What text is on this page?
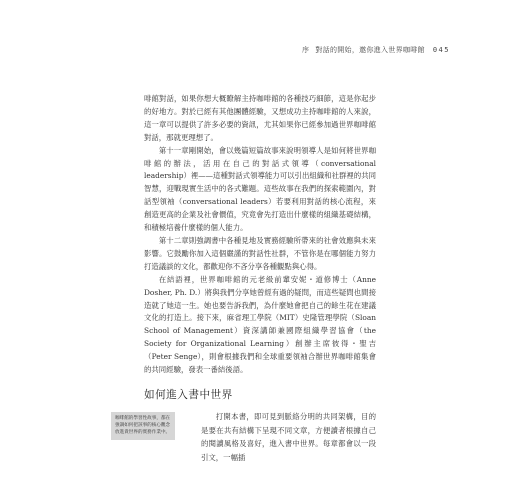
序 對話的開始，邀你進入世界咖啡館 045

啡館對話，如果你想大概瞭解主持咖啡館的各種技巧細節，這是你起步的好地方。對於已經有其他團體經驗，又想成功主持咖啡館的人來說，這一章可以提供了許多必要的資訊，尤其如果你已經參加過世界咖啡館對話，那就更理想了。

第十一章剛開始，會以幾篇短篇故事來說明領導人是如何將世界咖啡館的辦法，活用在自己的對話式領導（conversational leadership）裡——這種對話式領導能力可以引出組織和社群裡的共同智慧，迎戰現實生活中的各式難題。這些故事在我們的探索範圍內，對話型領袖（conversational leaders）若要利用對話的核心流程，來創造更高的企業及社會價值，究竟會先打造出什麼樣的組織基礎結構，和積極培養什麼樣的個人能力。

第十二章則強調書中各種見地及實務經驗所帶來的社會效應與未來影響。它鼓勵你加入這個嚴謹的對話性社群，不管你是在哪個能力努力打造議談的文化，都歡迎你不吝分享各種觀點與心得。

在結語裡，世界咖啡館的元老級前輩安妮・道修博士（Anne Dosher, Ph. D.）將與我們分享她曾經有過的疑問，而這些疑問也間接造就了她這一生。她也要告訴我們，為什麼她會把自己的餘生花在建議文化的打造上。接下來，麻省理工學院（MIT）史隆管理學院（Sloan School of Management）資深講師兼國際組織學習協會（the Society for Organizational Learning）創辦主席彼得・聖吉（Peter Senge），則會根據我們和全球重要領袖合辦世界咖啡館集會的共同經驗，發表一番結後語。

如何進入書中世界
咖啡館的學習性故事，都在強調如何把該事的核心觀念放進貴世界的實務作業中。

打開本書，即可見到脈絡分明的共同架構，目的是要在共有結構下呈現不同文章，方便讀者根據自己的閱讀風格及喜好，進入書中世界。每章都會以一段引文，一幅插
